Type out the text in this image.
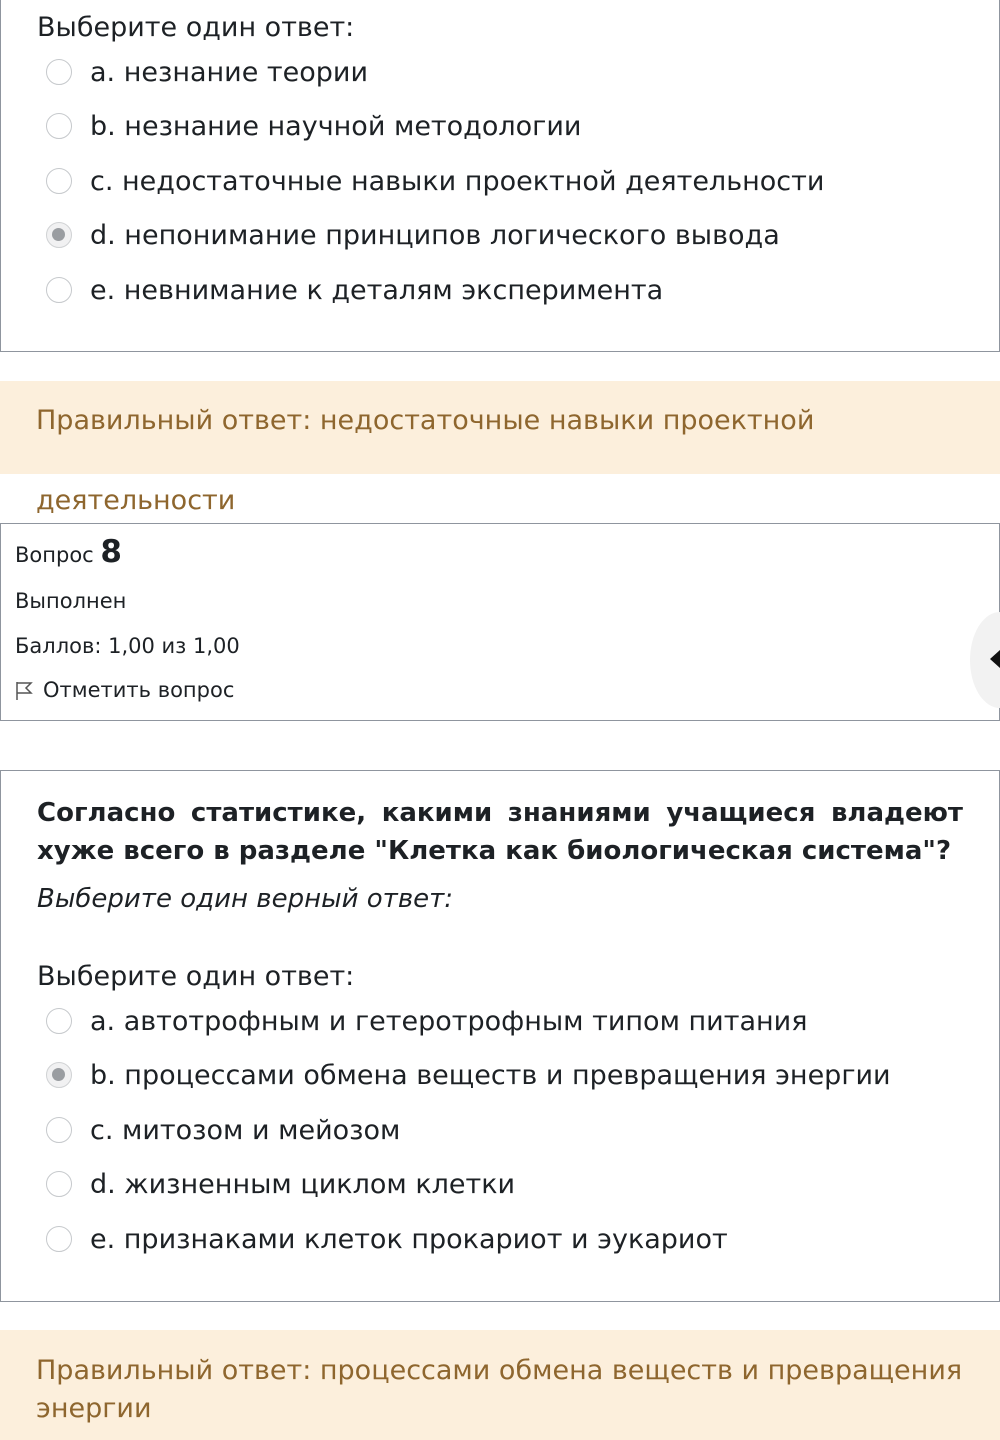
Выберите один ответ:
a. незнание теории
b. незнание научной методологии
c. недостаточные навыки проектной деятельности
d. непонимание принципов логического вывода
e. невнимание к деталям эксперимента
Правильный ответ: недостаточные навыки проектной деятельности
Вопрос 8
Выполнен
Баллов: 1,00 из 1,00
Отметить вопрос
Согласно статистике, какими знаниями учащиеся владеют хуже всего в разделе "Клетка как биологическая система"?
Выберите один верный ответ:
Выберите один ответ:
a. автотрофным и гетеротрофным типом питания
b. процессами обмена веществ и превращения энергии
c. митозом и мейозом
d. жизненным циклом клетки
e. признаками клеток прокариот и эукариот
Правильный ответ: процессами обмена веществ и превращения энергии
